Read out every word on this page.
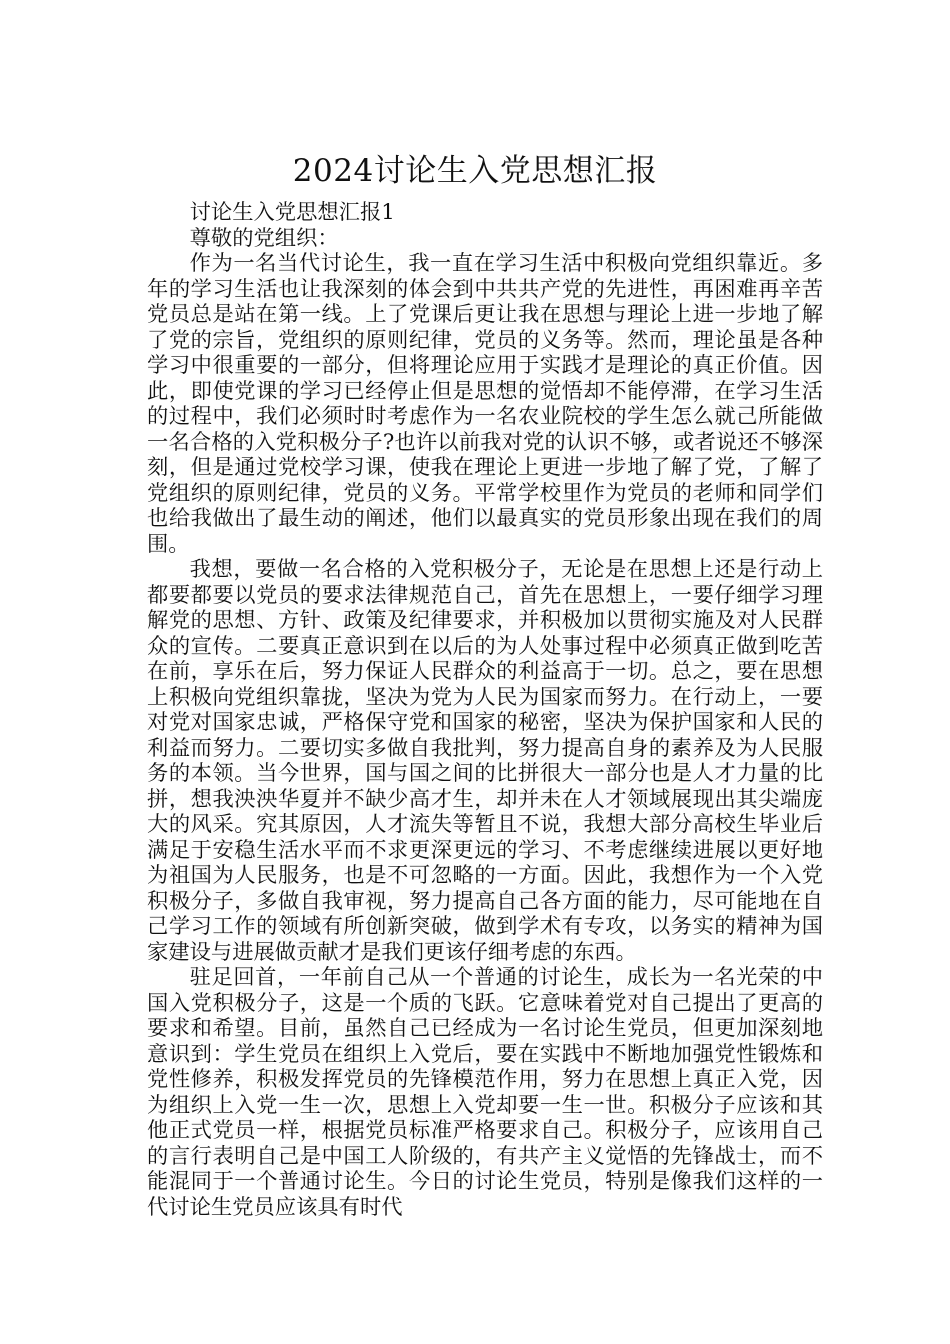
2024讨论生入党思想汇报

讨论生入党思想汇报1

尊敬的党组织：

作为一名当代讨论生，我一直在学习生活中积极向党组织靠近。多年的学习生活也让我深刻的体会到中共共产党的先进性，再困难再辛苦党员总是站在第一线。上了党课后更让我在思想与理论上进一步地了解了党的宗旨，党组织的原则纪律，党员的义务等。然而，理论虽是各种学习中很重要的一部分，但将理论应用于实践才是理论的真正价值。因此，即使党课的学习已经停止但是思想的觉悟却不能停滞，在学习生活的过程中，我们必须时时考虑作为一名农业院校的学生怎么就己所能做一名合格的入党积极分子?也许以前我对党的认识不够，或者说还不够深刻，但是通过党校学习课，使我在理论上更进一步地了解了党，了解了党组织的原则纪律，党员的义务。平常学校里作为党员的老师和同学们也给我做出了最生动的阐述，他们以最真实的党员形象出现在我们的周围。

我想，要做一名合格的入党积极分子，无论是在思想上还是行动上都要都要以党员的要求法律规范自己，首先在思想上，一要仔细学习理解党的思想、方针、政策及纪律要求，并积极加以贯彻实施及对人民群众的宣传。二要真正意识到在以后的为人处事过程中必须真正做到吃苦在前，享乐在后，努力保证人民群众的利益高于一切。总之，要在思想上积极向党组织靠拢，坚决为党为人民为国家而努力。在行动上，一要对党对国家忠诚，严格保守党和国家的秘密，坚决为保护国家和人民的利益而努力。二要切实多做自我批判，努力提高自身的素养及为人民服务的本领。当今世界，国与国之间的比拼很大一部分也是人才力量的比拼，想我泱泱华夏并不缺少高才生，却并未在人才领域展现出其尖端庞大的风采。究其原因，人才流失等暂且不说，我想大部分高校生毕业后满足于安稳生活水平而不求更深更远的学习、不考虑继续进展以更好地为祖国为人民服务，也是不可忽略的一方面。因此，我想作为一个入党积极分子，多做自我审视，努力提高自己各方面的能力，尽可能地在自己学习工作的领域有所创新突破，做到学术有专攻，以务实的精神为国家建设与进展做贡献才是我们更该仔细考虑的东西。

驻足回首，一年前自己从一个普通的讨论生，成长为一名光荣的中国入党积极分子，这是一个质的飞跃。它意味着党对自己提出了更高的要求和希望。目前，虽然自己已经成为一名讨论生党员，但更加深刻地意识到：学生党员在组织上入党后，要在实践中不断地加强党性锻炼和党性修养，积极发挥党员的先锋模范作用，努力在思想上真正入党，因为组织上入党一生一次，思想上入党却要一生一世。积极分子应该和其他正式党员一样，根据党员标准严格要求自己。积极分子，应该用自己的言行表明自己是中国工人阶级的，有共产主义觉悟的先锋战士，而不能混同于一个普通讨论生。今日的讨论生党员，特别是像我们这样的一代讨论生党员应该具有时代
